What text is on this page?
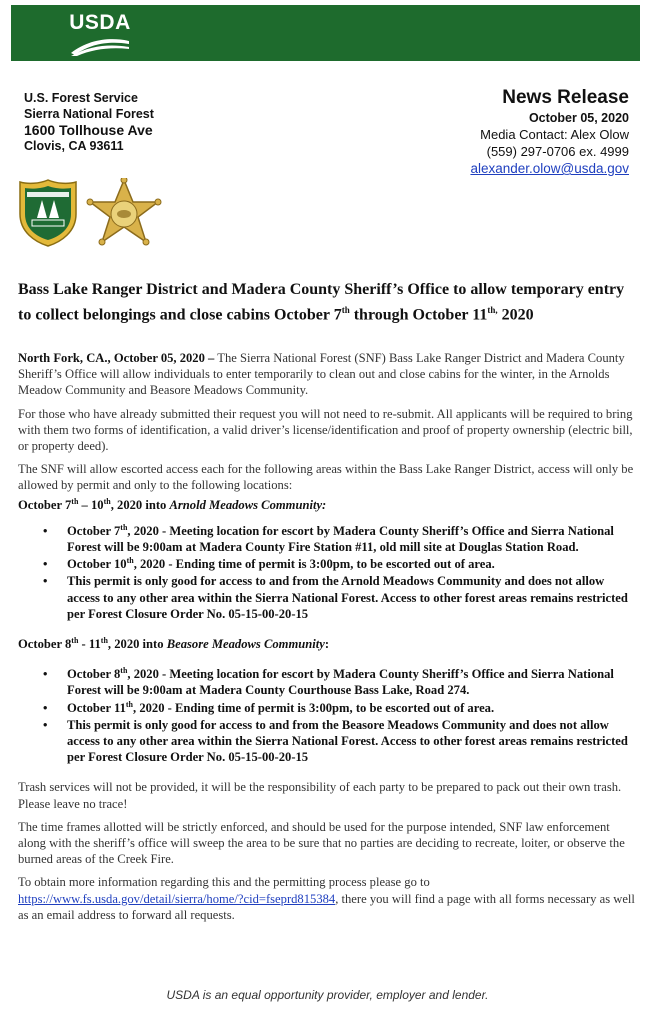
USDA
U.S. Forest Service
Sierra National Forest
1600 Tollhouse Ave
Clovis, CA 93611
News Release
October 05, 2020
Media Contact: Alex Olow
(559) 297-0706 ex. 4999
alexander.olow@usda.gov
Bass Lake Ranger District and Madera County Sheriff’s Office to allow temporary entry to collect belongings and close cabins October 7th through October $11^{th,}$ 2020

North Fork, CA., October 05, 2020 – The Sierra National Forest (SNF) Bass Lake Ranger District and Madera County Sheriff’s Office will allow individuals to enter temporarily to clean out and close cabins for the winter, in the Arnolds Meadow Community and Beasore Meadows Community.

For those who have already submitted their request you will not need to re-submit. All applicants will be required to bring with them two forms of identification, a valid driver’s license/identification and proof of property ownership (electric bill, or property deed).

The SNF will allow escorted access each for the following areas within the Bass Lake Ranger District, access will only be allowed by permit and only to the following locations:

October 7th – 10th, 2020 into Arnold Meadows Community:
• October 7th, 2020 - Meeting location for escort by Madera County Sheriff’s Office and Sierra National Forest will be 9:00am at Madera County Fire Station #11, old mill site at Douglas Station Road.
• October 10th, 2020 - Ending time of permit is 3:00pm, to be escorted out of area.
• This permit is only good for access to and from the Arnold Meadows Community and does not allow access to any other area within the Sierra National Forest. Access to other forest areas remains restricted per Forest Closure Order No. 05-15-00-20-15
October 8th - 11th, 2020 into Beasore Meadows Community:
• October 8th, 2020 - Meeting location for escort by Madera County Sheriff’s Office and Sierra National Forest will be 9:00am at Madera County Courthouse Bass Lake, Road 274.
• October 11th, 2020 - Ending time of permit is 3:00pm, to be escorted out of area.
• This permit is only good for access to and from the Beasore Meadows Community and does not allow access to any other area within the Sierra National Forest. Access to other forest areas remains restricted per Forest Closure Order No. 05-15-00-20-15

Trash services will not be provided, it will be the responsibility of each party to be prepared to pack out their own trash. Please leave no trace!

The time frames allotted will be strictly enforced, and should be used for the purpose intended, SNF law enforcement along with the sheriff’s office will sweep the area to be sure that no parties are deciding to recreate, loiter, or observe the burned areas of the Creek Fire.

To obtain more information regarding this and the permitting process please go to https://www.fs.usda.gov/detail/sierra/home/?cid=fseprd815384, there you will find a page with all forms necessary as well as an email address to forward all requests.

USDA is an equal opportunity provider, employer and lender.
